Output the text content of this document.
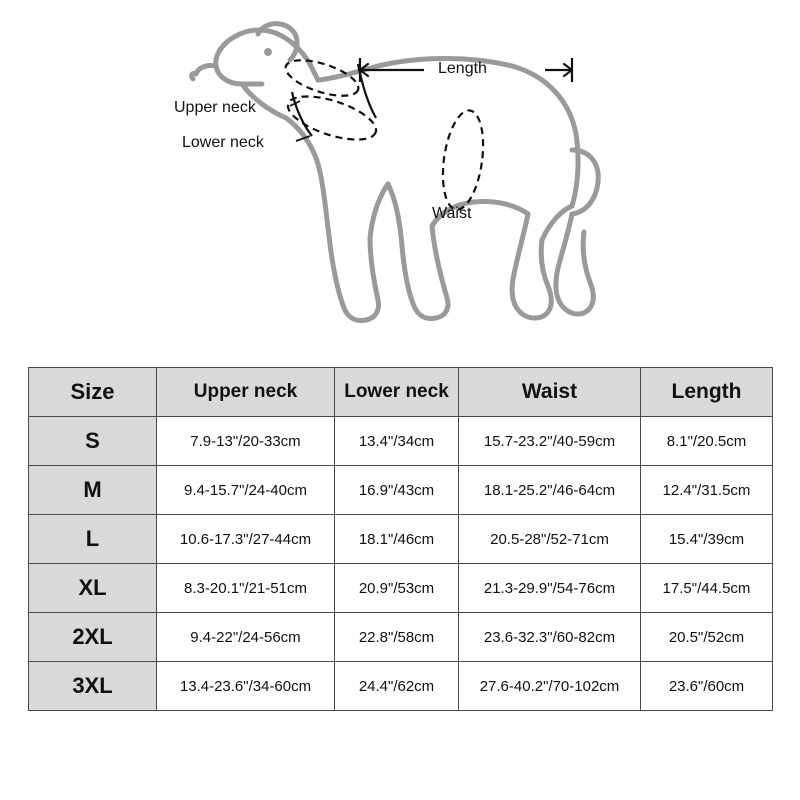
Upper neck
Lower neck
Waist
Length
Size	Upper neck	Lower neck	Waist	Length
S	7.9-13"/20-33cm	13.4"/34cm	15.7-23.2"/40-59cm	8.1"/20.5cm
M	9.4-15.7"/24-40cm	16.9"/43cm	18.1-25.2"/46-64cm	12.4"/31.5cm
L	10.6-17.3"/27-44cm	18.1"/46cm	20.5-28"/52-71cm	15.4"/39cm
XL	8.3-20.1"/21-51cm	20.9"/53cm	21.3-29.9"/54-76cm	17.5"/44.5cm
2XL	9.4-22"/24-56cm	22.8"/58cm	23.6-32.3"/60-82cm	20.5"/52cm
3XL	13.4-23.6"/34-60cm	24.4"/62cm	27.6-40.2"/70-102cm	23.6"/60cm
